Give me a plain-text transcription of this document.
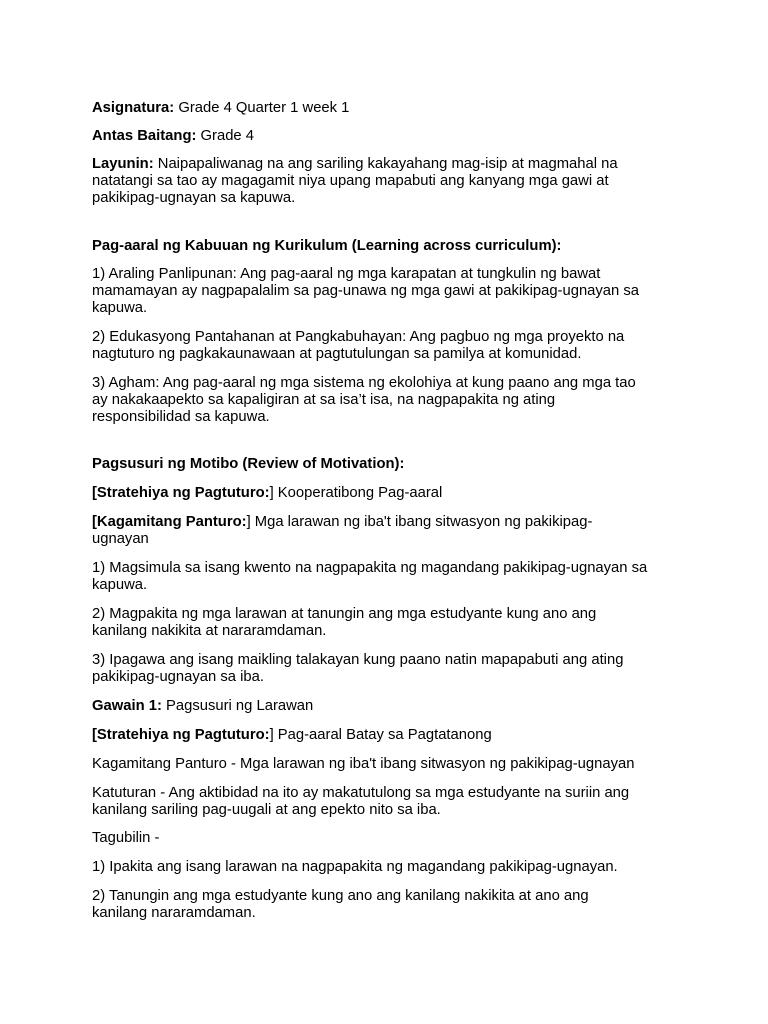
Asignatura: Grade 4 Quarter 1 week 1

Antas Baitang: Grade 4

Layunin: Naipapaliwanag na ang sariling kakayahang mag-isip at magmahal na
natatangi sa tao ay magagamit niya upang mapabuti ang kanyang mga gawi at
pakikipag-ugnayan sa kapuwa.

Pag-aaral ng Kabuuan ng Kurikulum (Learning across curriculum):

1) Araling Panlipunan: Ang pag-aaral ng mga karapatan at tungkulin ng bawat
mamamayan ay nagpapalalim sa pag-unawa ng mga gawi at pakikipag-ugnayan sa
kapuwa.

2) Edukasyong Pantahanan at Pangkabuhayan: Ang pagbuo ng mga proyekto na
nagtuturo ng pagkakaunawaan at pagtutulungan sa pamilya at komunidad.

3) Agham: Ang pag-aaral ng mga sistema ng ekolohiya at kung paano ang mga tao
ay nakakaapekto sa kapaligiran at sa isa’t isa, na nagpapakita ng ating
responsibilidad sa kapuwa.

Pagsusuri ng Motibo (Review of Motivation):

[Stratehiya ng Pagtuturo:] Kooperatibong Pag-aaral

[Kagamitang Panturo:] Mga larawan ng iba't ibang sitwasyon ng pakikipag-
ugnayan

1) Magsimula sa isang kwento na nagpapakita ng magandang pakikipag-ugnayan sa
kapuwa.

2) Magpakita ng mga larawan at tanungin ang mga estudyante kung ano ang
kanilang nakikita at nararamdaman.

3) Ipagawa ang isang maikling talakayan kung paano natin mapapabuti ang ating
pakikipag-ugnayan sa iba.

Gawain 1: Pagsusuri ng Larawan

[Stratehiya ng Pagtuturo:] Pag-aaral Batay sa Pagtatanong

Kagamitang Panturo - Mga larawan ng iba't ibang sitwasyon ng pakikipag-ugnayan

Katuturan - Ang aktibidad na ito ay makatutulong sa mga estudyante na suriin ang
kanilang sariling pag-uugali at ang epekto nito sa iba.

Tagubilin -

1) Ipakita ang isang larawan na nagpapakita ng magandang pakikipag-ugnayan.

2) Tanungin ang mga estudyante kung ano ang kanilang nakikita at ano ang
kanilang nararamdaman.
